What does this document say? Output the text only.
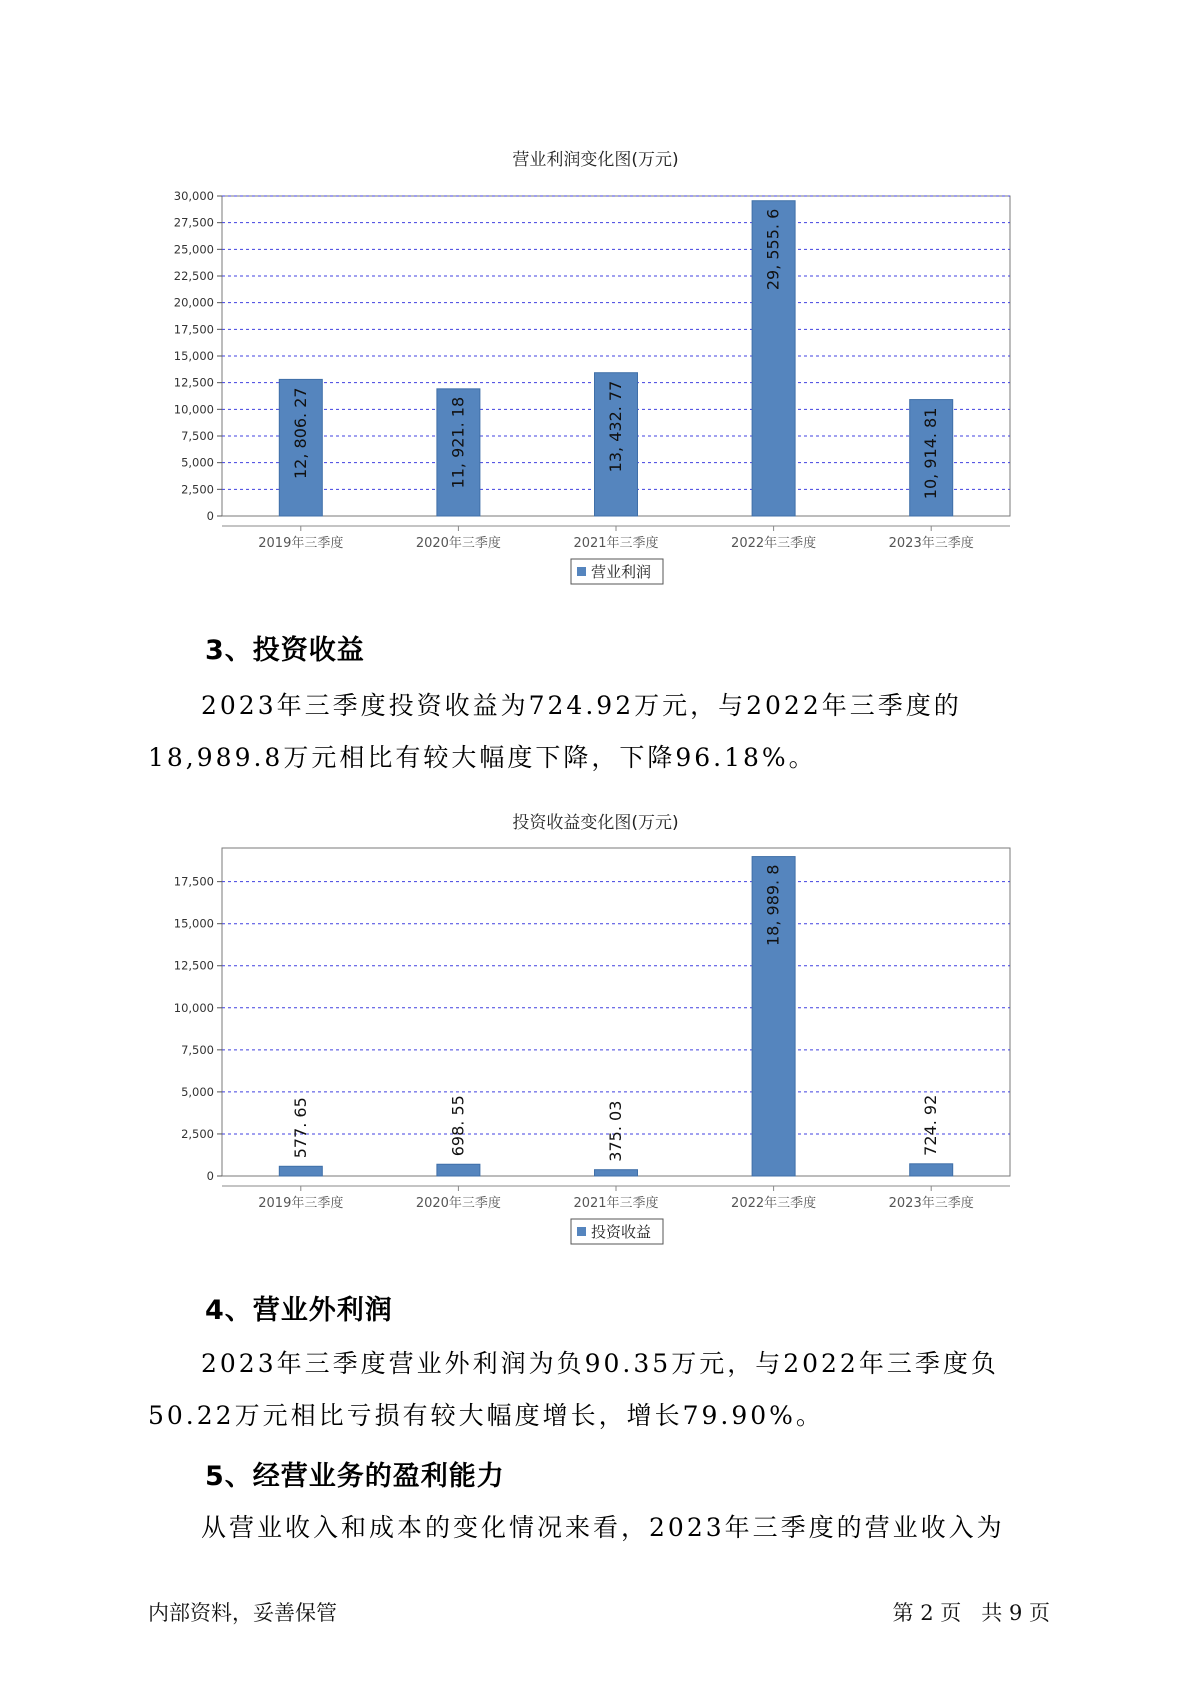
营业利润变化图(万元)
0
2,500
5,000
7,500
10,000
12,500
15,000
17,500
20,000
22,500
25,000
27,500
30,000
2019年三季度
12, 806. 27
2020年三季度
11, 921. 18
2021年三季度
13, 432. 77
2022年三季度
29, 555. 6
2023年三季度
10, 914. 81
营业利润
3、投资收益

2023年三季度投资收益为724.92万元，与2022年三季度的18,989.8万元相比有较大幅度下降，下降96.18%。

投资收益变化图(万元)
0
2,500
5,000
7,500
10,000
12,500
15,000
17,500
2019年三季度
577. 65
2020年三季度
698. 55
2021年三季度
375. 03
2022年三季度
18, 989. 8
2023年三季度
724. 92
投资收益
4、营业外利润

2023年三季度营业外利润为负90.35万元，与2022年三季度负50.22万元相比亏损有较大幅度增长，增长79.90%。

5、经营业务的盈利能力

从营业收入和成本的变化情况来看，2023年三季度的营业收入为

内部资料，妥善保管	第 2 页   共 9 页
